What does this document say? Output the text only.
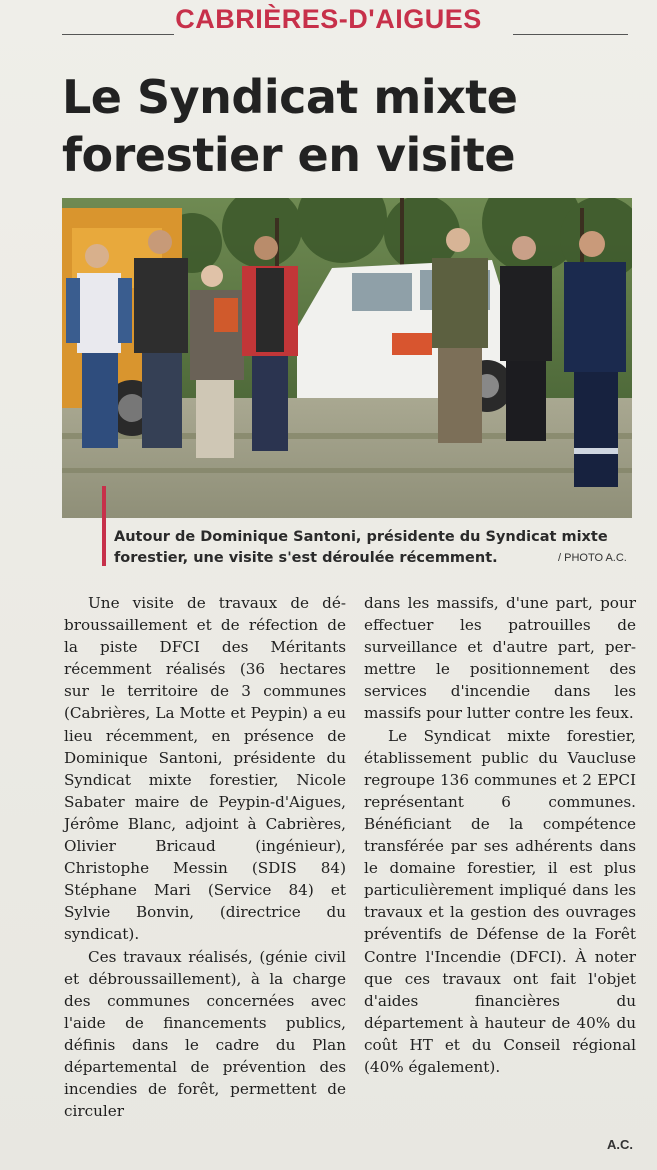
CABRIÈRES-D'AIGUES
Le Syndicat mixte
forestier en visite
Autour de Dominique Santoni, présidente du Syndicat mixte
forestier, une visite s'est déroulée récemment.	/ PHOTO A.C.

Une visite de travaux de débroussaillement et de réfection de la piste DFCI des Méritants récemment réalisés (36 hectares sur le territoire de 3 communes (Cabrières, La Motte et Peypin) a eu lieu récemment, en présence de Dominique Santoni, présidente du Syndicat mixte forestier, Nicole Sabater maire de Peypin-d'Aigues, Jérôme Blanc, adjoint à Cabrières, Olivier Bricaud (ingénieur), Christophe Messin (SDIS 84) Stéphane Mari (Service 84) et Sylvie Bonvin, (directrice du syndicat).

Ces travaux réalisés, (génie civil et débroussaillement), à la charge des communes concernées avec l'aide de financements publics, définis dans le cadre du Plan départemental de prévention des incendies de forêt, permettent de circuler

dans les massifs, d'une part, pour effectuer les patrouilles de surveillance et d'autre part, permettre le positionnement des services d'incendie dans les massifs pour lutter contre les feux.

Le Syndicat mixte forestier, établissement public du Vaucluse regroupe 136 communes et 2 EPCI représentant 6 communes. Bénéficiant de la compétence transférée par ses adhérents dans le domaine forestier, il est plus particulièrement impliqué dans les travaux et la gestion des ouvrages préventifs de Défense de la Forêt Contre l'Incendie (DFCI). À noter que ces travaux ont fait l'objet d'aides financières du département à hauteur de 40% du coût HT et du Conseil régional (40% également).

A.C.
